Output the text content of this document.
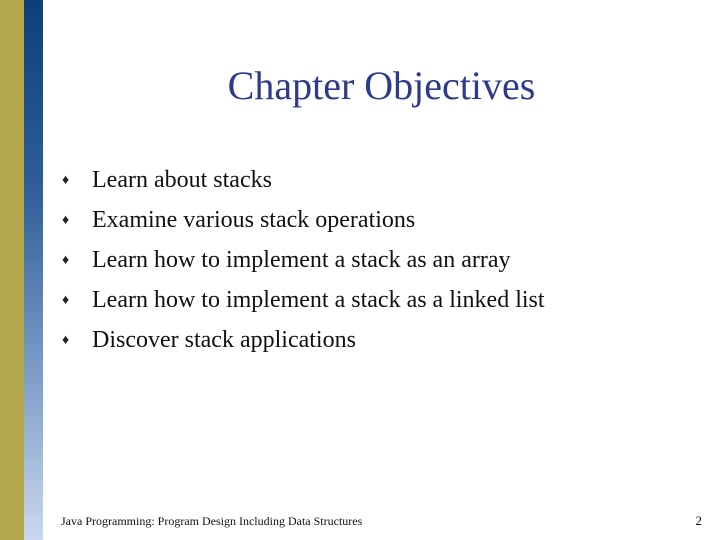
Chapter Objectives
♦ Learn about stacks
♦ Examine various stack operations
♦ Learn how to implement a stack as an array
♦ Learn how to implement a stack as a linked list
♦ Discover stack applications
Java Programming: Program Design Including Data Structures	2
